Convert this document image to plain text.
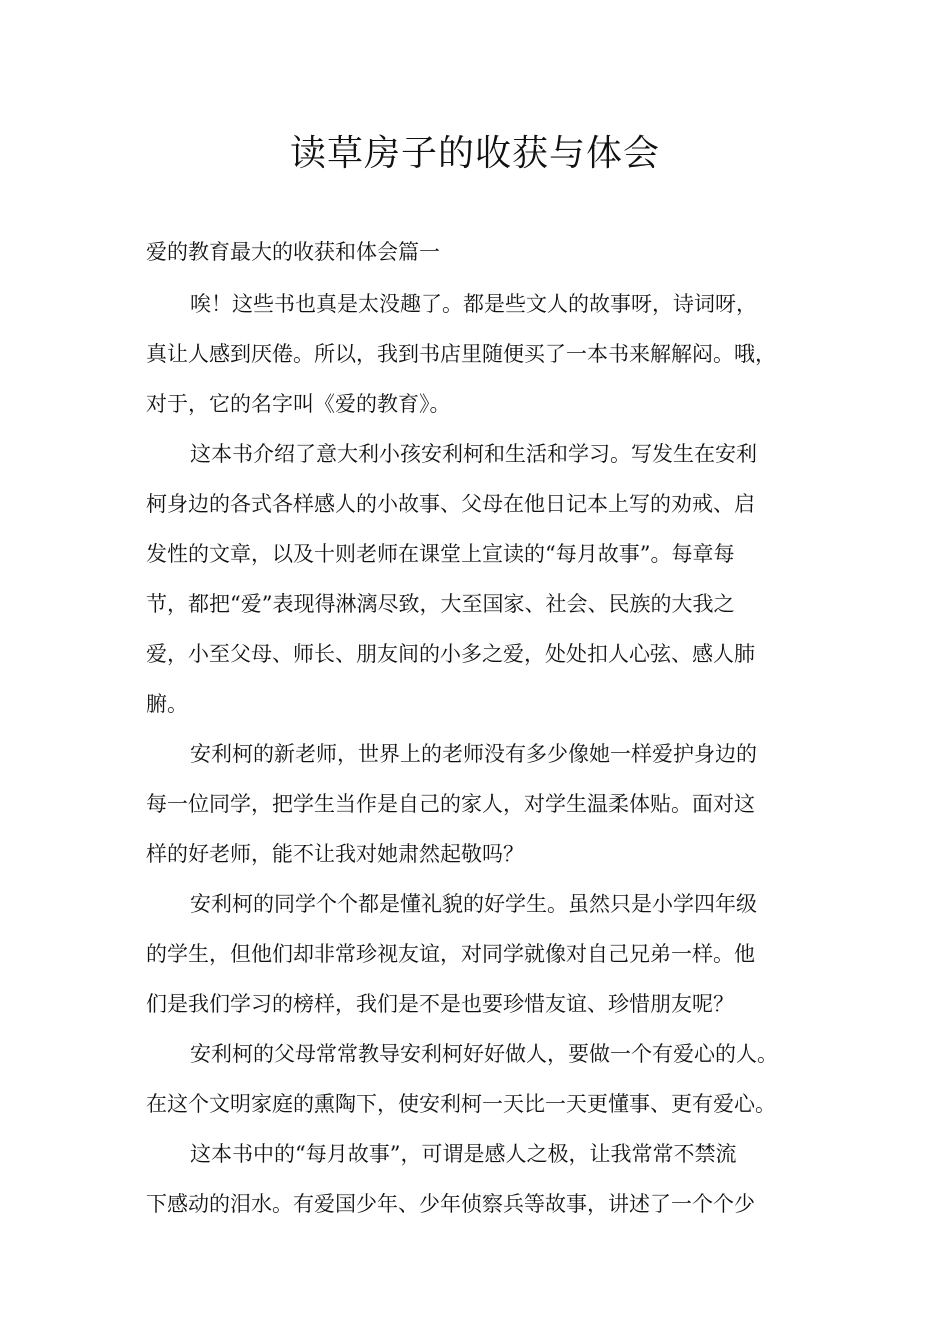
读草房子的收获与体会
爱的教育最大的收获和体会篇一

唉！这些书也真是太没趣了。都是些文人的故事呀，诗词呀，

真让人感到厌倦。所以，我到书店里随便买了一本书来解解闷。哦，

对于，它的名字叫《爱的教育》。

这本书介绍了意大利小孩安利柯和生活和学习。写发生在安利

柯身边的各式各样感人的小故事、父母在他日记本上写的劝戒、启

发性的文章，以及十则老师在课堂上宣读的“每月故事”。每章每

节，都把“爱”表现得淋漓尽致，大至国家、社会、民族的大我之

爱，小至父母、师长、朋友间的小多之爱，处处扣人心弦、感人肺

腑。

安利柯的新老师，世界上的老师没有多少像她一样爱护身边的

每一位同学，把学生当作是自己的家人，对学生温柔体贴。面对这

样的好老师，能不让我对她肃然起敬吗？

安利柯的同学个个都是懂礼貌的好学生。虽然只是小学四年级

的学生，但他们却非常珍视友谊，对同学就像对自己兄弟一样。他

们是我们学习的榜样，我们是不是也要珍惜友谊、珍惜朋友呢？

安利柯的父母常常教导安利柯好好做人，要做一个有爱心的人。

在这个文明家庭的熏陶下，使安利柯一天比一天更懂事、更有爱心。

这本书中的“每月故事”，可谓是感人之极，让我常常不禁流

下感动的泪水。有爱国少年、少年侦察兵等故事，讲述了一个个少
